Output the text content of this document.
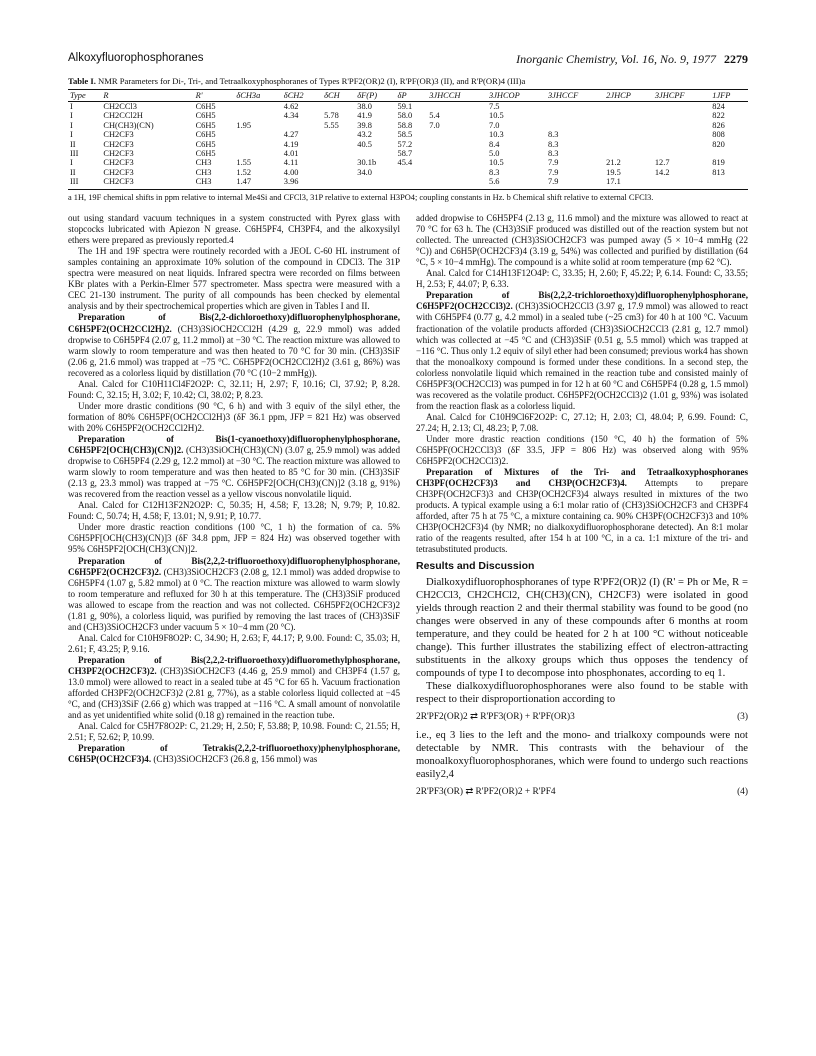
Alkoxyfluorophosphoranes	Inorganic Chemistry, Vol. 16, No. 9, 1977 2279
Table I. NMR Parameters for Di-, Tri-, and Tetraalkoxyphosphoranes of Types R'PF2(OR)2 (I), R'PF(OR)3 (II), and R'P(OR)4 (III)a
Type	R	R'	δCH3a	δCH2	δCH	δF(P)	δP	3JHCCH	3JHCOP	3JHCCF	2JHCP	3JHCPF	1JFP
I	CH2CCl3	C6H5		4.62		38.0	59.1		7.5				824
I	CH2CCl2H	C6H5		4.34	5.78	41.9	58.0	5.4	10.5				822
I	CH(CH3)(CN)	C6H5	1.95		5.55	39.8	58.8	7.0	7.0				826
I	CH2CF3	C6H5		4.27		43.2	58.5		10.3	8.3			808
II	CH2CF3	C6H5		4.19		40.5	57.2		8.4	8.3			820
III	CH2CF3	C6H5		4.01			58.7		5.0	8.3			
I	CH2CF3	CH3	1.55	4.11		30.1b	45.4		10.5	7.9	21.2	12.7	819
II	CH2CF3	CH3	1.52	4.00		34.0			8.3	7.9	19.5	14.2	813
III	CH2CF3	CH3	1.47	3.96					5.6	7.9	17.1		
a 1H, 19F chemical shifts in ppm relative to internal Me4Si and CFCl3, 31P relative to external H3PO4; coupling constants in Hz. b Chemical shift relative to external CFCl3.

out using standard vacuum techniques in a system constructed with Pyrex glass with stopcocks lubricated with Apiezon N grease. C6H5PF4, CH3PF4, and the alkoxysilyl ethers were prepared as previously reported.4

The 1H and 19F spectra were routinely recorded with a JEOL C-60 HL instrument of samples containing an approximate 10% solution of the compound in CDCl3. The 31P spectra were measured on neat liquids. Infrared spectra were recorded on films between KBr plates with a Perkin-Elmer 577 spectrometer. Mass spectra were measured with a CEC 21-130 instrument. The purity of all compounds has been checked by elemental analysis and by their spectrochemical properties which are given in Tables I and II.

Preparation of Bis(2,2-dichloroethoxy)difluorophenylphosphorane, C6H5PF2(OCH2CCl2H)2. (CH3)3SiOCH2CCl2H (4.29 g, 22.9 mmol) was added dropwise to C6H5PF4 (2.07 g, 11.2 mmol) at −30 °C. The reaction mixture was allowed to warm slowly to room temperature and was then heated to 70 °C for 30 min. (CH3)3SiF (2.06 g, 21.6 mmol) was trapped at −75 °C. C6H5PF2(OCH2CCl2H)2 (3.61 g, 86%) was recovered as a colorless liquid by distillation (70 °C (10−2 mmHg)).

Anal. Calcd for C10H11Cl4F2O2P: C, 32.11; H, 2.97; F, 10.16; Cl, 37.92; P, 8.28. Found: C, 32.15; H, 3.02; F, 10.42; Cl, 38.02; P, 8.23.

Under more drastic conditions (90 °C, 6 h) and with 3 equiv of the silyl ether, the formation of 80% C6H5PF(OCH2CCl2H)3 (δF 36.1 ppm, JFP = 821 Hz) was observed with 20% C6H5PF2(OCH2CCl2H)2.

Preparation of Bis(1-cyanoethoxy)difluorophenylphosphorane, C6H5PF2[OCH(CH3)(CN)]2. (CH3)3SiOCH(CH3)(CN) (3.07 g, 25.9 mmol) was added dropwise to C6H5PF4 (2.29 g, 12.2 mmol) at −30 °C. The reaction mixture was allowed to warm slowly to room temperature and was then heated to 85 °C for 30 min. (CH3)3SiF (2.13 g, 23.3 mmol) was trapped at −75 °C. C6H5PF2[OCH(CH3)(CN)]2 (3.18 g, 91%) was recovered from the reaction vessel as a yellow viscous nonvolatile liquid.

Anal. Calcd for C12H13F2N2O2P: C, 50.35; H, 4.58; F, 13.28; N, 9.79; P, 10.82. Found: C, 50.74; H, 4.58; F, 13.01; N, 9.91; P, 10.77.

Under more drastic reaction conditions (100 °C, 1 h) the formation of ca. 5% C6H5PF[OCH(CH3)(CN)]3 (δF 34.8 ppm, JFP = 824 Hz) was observed together with 95% C6H5PF2[OCH(CH3)(CN)]2.

Preparation of Bis(2,2,2-trifluoroethoxy)difluorophenylphosphorane, C6H5PF2(OCH2CF3)2. (CH3)3SiOCH2CF3 (2.08 g, 12.1 mmol) was added dropwise to C6H5PF4 (1.07 g, 5.82 mmol) at 0 °C. The reaction mixture was allowed to warm slowly to room temperature and refluxed for 30 h at this temperature. The (CH3)3SiF produced was allowed to escape from the reaction and was not collected. C6H5PF2(OCH2CF3)2 (1.81 g, 90%), a colorless liquid, was purified by removing the last traces of (CH3)3SiF and (CH3)3SiOCH2CF3 under vacuum 5 × 10−4 mm (20 °C).

Anal. Calcd for C10H9F8O2P: C, 34.90; H, 2.63; F, 44.17; P, 9.00. Found: C, 35.03; H, 2.61; F, 43.25; P, 9.16.

Preparation of Bis(2,2,2-trifluoroethoxy)difluoromethylphosphorane, CH3PF2(OCH2CF3)2. (CH3)3SiOCH2CF3 (4.46 g, 25.9 mmol) and CH3PF4 (1.57 g, 13.0 mmol) were allowed to react in a sealed tube at 45 °C for 65 h. Vacuum fractionation afforded CH3PF2(OCH2CF3)2 (2.81 g, 77%), as a stable colorless liquid collected at −45 °C, and (CH3)3SiF (2.66 g) which was trapped at −116 °C. A small amount of nonvolatile and as yet unidentified white solid (0.18 g) remained in the reaction tube.

Anal. Calcd for C5H7F8O2P: C, 21.29; H, 2.50; F, 53.88; P, 10.98. Found: C, 21.55; H, 2.51; F, 52.62; P, 10.99.

Preparation of Tetrakis(2,2,2-trifluoroethoxy)phenylphosphorane, C6H5P(OCH2CF3)4. (CH3)3SiOCH2CF3 (26.8 g, 156 mmol) was

added dropwise to C6H5PF4 (2.13 g, 11.6 mmol) and the mixture was allowed to react at 70 °C for 63 h. The (CH3)3SiF produced was distilled out of the reaction system but not collected. The unreacted (CH3)3SiOCH2CF3 was pumped away (5 × 10−4 mmHg (22 °C)) and C6H5P(OCH2CF3)4 (3.19 g, 54%) was collected and purified by distillation (64 °C, 5 × 10−4 mmHg). The compound is a white solid at room temperature (mp 62 °C).

Anal. Calcd for C14H13F12O4P: C, 33.35; H, 2.60; F, 45.22; P, 6.14. Found: C, 33.55; H, 2.53; F, 44.07; P, 6.33.

Preparation of Bis(2,2,2-trichloroethoxy)difluorophenylphosphorane, C6H5PF2(OCH2CCl3)2. (CH3)3SiOCH2CCl3 (3.97 g, 17.9 mmol) was allowed to react with C6H5PF4 (0.77 g, 4.2 mmol) in a sealed tube (~25 cm3) for 40 h at 100 °C. Vacuum fractionation of the volatile products afforded (CH3)3SiOCH2CCl3 (2.81 g, 12.7 mmol) which was collected at −45 °C and (CH3)3SiF (0.51 g, 5.5 mmol) which was trapped at −116 °C. Thus only 1.2 equiv of silyl ether had been consumed; previous work4 has shown that the monoalkoxy compound is formed under these conditions. In a second step, the colorless nonvolatile liquid which remained in the reaction tube and consisted mainly of C6H5PF3(OCH2CCl3) was pumped in for 12 h at 60 °C and C6H5PF4 (0.28 g, 1.5 mmol) was recovered as the volatile product. C6H5PF2(OCH2CCl3)2 (1.01 g, 93%) was isolated from the reaction flask as a colorless liquid.

Anal. Calcd for C10H9Cl6F2O2P: C, 27.12; H, 2.03; Cl, 48.04; P, 6.99. Found: C, 27.24; H, 2.13; Cl, 48.23; P, 7.08.

Under more drastic reaction conditions (150 °C, 40 h) the formation of 5% C6H5PF(OCH2CCl3)3 (δF 33.5, JFP = 806 Hz) was observed along with 95% C6H5PF2(OCH2CCl3)2.

Preparation of Mixtures of the Tri- and Tetraalkoxyphosphoranes CH3PF(OCH2CF3)3 and CH3P(OCH2CF3)4. Attempts to prepare CH3PF(OCH2CF3)3 and CH3P(OCH2CF3)4 always resulted in mixtures of the two products. A typical example using a 6:1 molar ratio of (CH3)3SiOCH2CF3 and CH3PF4 afforded, after 75 h at 75 °C, a mixture containing ca. 90% CH3PF(OCH2CF3)3 and 10% CH3P(OCH2CF3)4 (by NMR; no dialkoxydifluorophosphorane detected). An 8:1 molar ratio of the reagents resulted, after 154 h at 100 °C, in a ca. 1:1 mixture of the tri- and tetrasubstituted products.

Results and Discussion

Dialkoxydifluorophosphoranes of type R'PF2(OR)2 (I) (R' = Ph or Me, R = CH2CCl3, CH2CHCl2, CH(CH3)(CN), CH2CF3) were isolated in good yields through reaction 2 and their thermal stability was found to be good (no changes were observed in any of these compounds after 6 months at room temperature, and they could be heated for 2 h at 100 °C without noticeable change). This further illustrates the stabilizing effect of electron-attracting substituents in the alkoxy groups which thus opposes the tendency of compounds of type I to decompose into phosphonates, according to eq 1.

These dialkoxydifluorophosphoranes were also found to be stable with respect to their disproportionation according to

2R'PF2(OR)2 ⇄ R'PF3(OR) + R'PF(OR)3	(3)

i.e., eq 3 lies to the left and the mono- and trialkoxy compounds were not detectable by NMR. This contrasts with the behaviour of the monoalkoxyfluorophosphoranes, which were found to undergo such reactions easily2,4

2R'PF3(OR) ⇄ R'PF2(OR)2 + R'PF4	(4)
